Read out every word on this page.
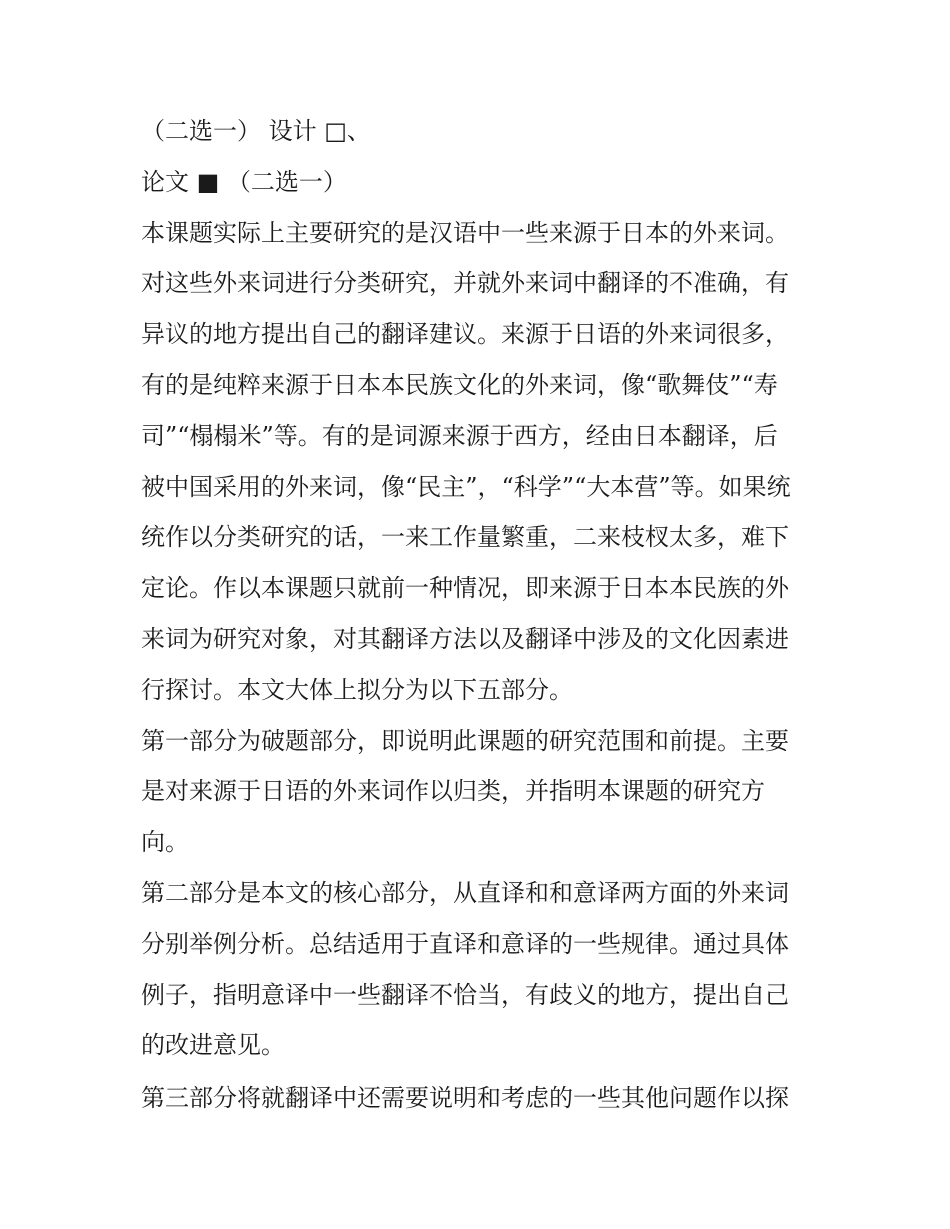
（二选一） 设计 □、
论文 ■ （二选一）
本课题实际上主要研究的是汉语中一些来源于日本的外来词。
对这些外来词进行分类研究，并就外来词中翻译的不准确，有
异议的地方提出自己的翻译建议。来源于日语的外来词很多，
有的是纯粹来源于日本本民族文化的外来词，像“歌舞伎”“寿
司”“榻榻米”等。有的是词源来源于西方，经由日本翻译，后
被中国采用的外来词，像“民主”，“科学”“大本营”等。如果统
统作以分类研究的话，一来工作量繁重，二来枝杈太多，难下
定论。作以本课题只就前一种情况，即来源于日本本民族的外
来词为研究对象，对其翻译方法以及翻译中涉及的文化因素进
行探讨。本文大体上拟分为以下五部分。
第一部分为破题部分，即说明此课题的研究范围和前提。主要
是对来源于日语的外来词作以归类，并指明本课题的研究方
向。
第二部分是本文的核心部分，从直译和和意译两方面的外来词
分别举例分析。总结适用于直译和意译的一些规律。通过具体
例子，指明意译中一些翻译不恰当，有歧义的地方，提出自己
的改进意见。
第三部分将就翻译中还需要说明和考虑的一些其他问题作以探
